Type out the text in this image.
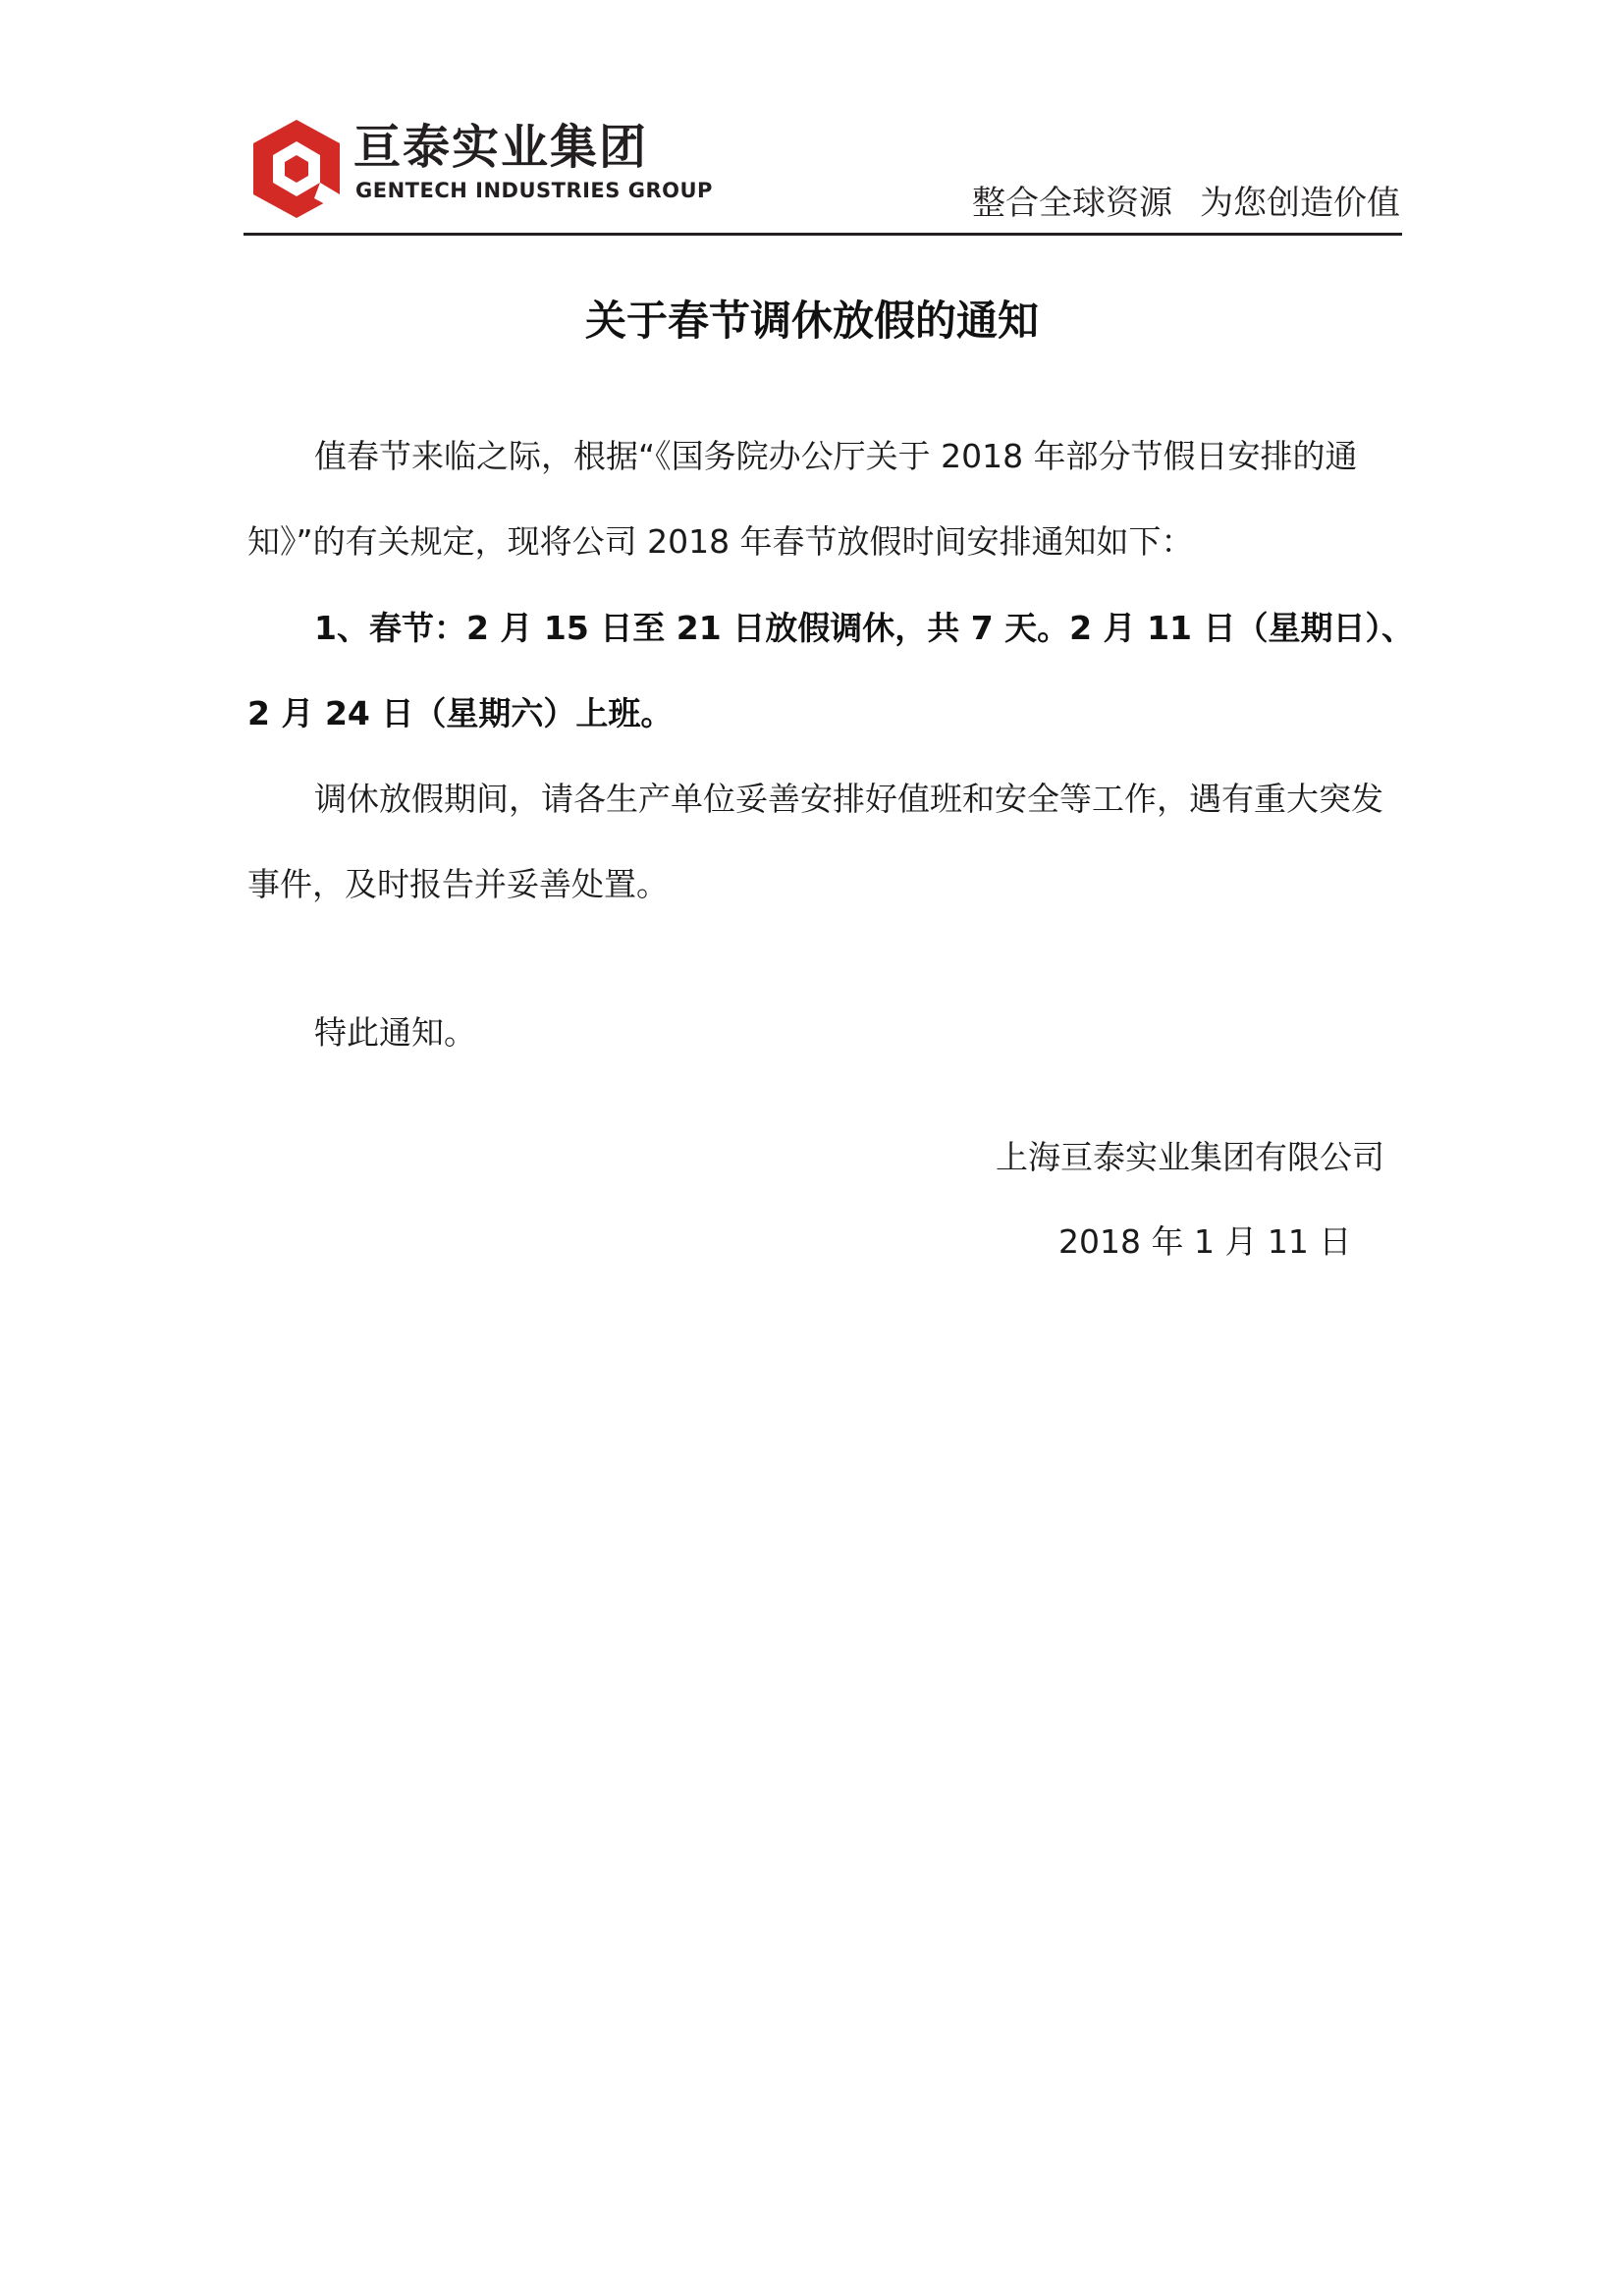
亘泰实业集团
GENTECH INDUSTRIES GROUP	整合全球资源 为您创造价值
关于春节调休放假的通知
值春节来临之际，根据“《国务院办公厅关于 2018 年部分节假日安排的通
知》”的有关规定，现将公司 2018 年春节放假时间安排通知如下：
1、春节：2 月 15 日至 21 日放假调休，共 7 天。2 月 11 日（星期日）、
2 月 24 日（星期六）上班。
调休放假期间，请各生产单位妥善安排好值班和安全等工作，遇有重大突发
事件，及时报告并妥善处置。
特此通知。
上海亘泰实业集团有限公司
2018 年 1 月 11 日
